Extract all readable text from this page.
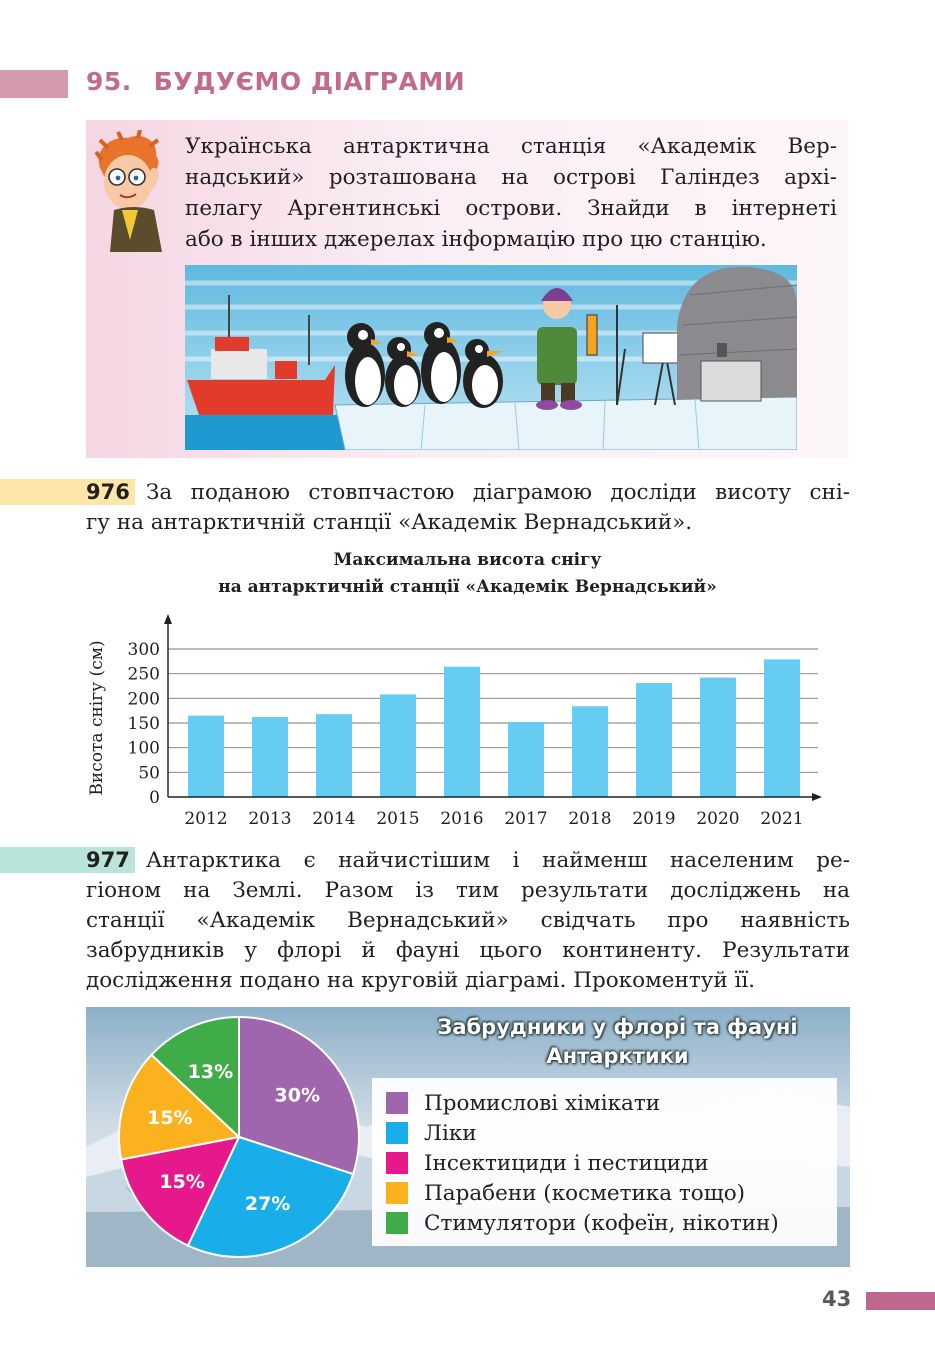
95. БУДУЄМО ДІАГРАМИ
Українська антарктична станція «Академік Вер-
надський» розташована на острові Галіндез архі-
пелагу Аргентинські острови. Знайди в інтернеті
або в інших джерелах інформацію про цю станцію.
976 За поданою стовпчастою діаграмою досліди висоту сні-
гу на антарктичній станції «Академік Вернадський».
Максимальна висота снігу
на антарктичній станції «Академік Вернадський»
0
50
100
150
200
250
300
2012 2013 2014 2015 2016 2017 2018 2019 2020 2021
Висота снігу (см)
977 Антарктика є найчистішим і найменш населеним ре-
гіоном на Землі. Разом із тим результати досліджень на
станції «Академік Вернадський» свідчать про наявність
забрудників у флорі й фауні цього континенту. Результати
дослідження подано на круговій діаграмі. Прокоментуй її.
30%
27%
15%
15%
13%
Забрудники у флорі та фауні
Антарктики
Промислові хімікати
Ліки
Інсектициди і пестициди
Парабени (косметика тощо)
Стимулятори (кофеїн, нікотин)
43
